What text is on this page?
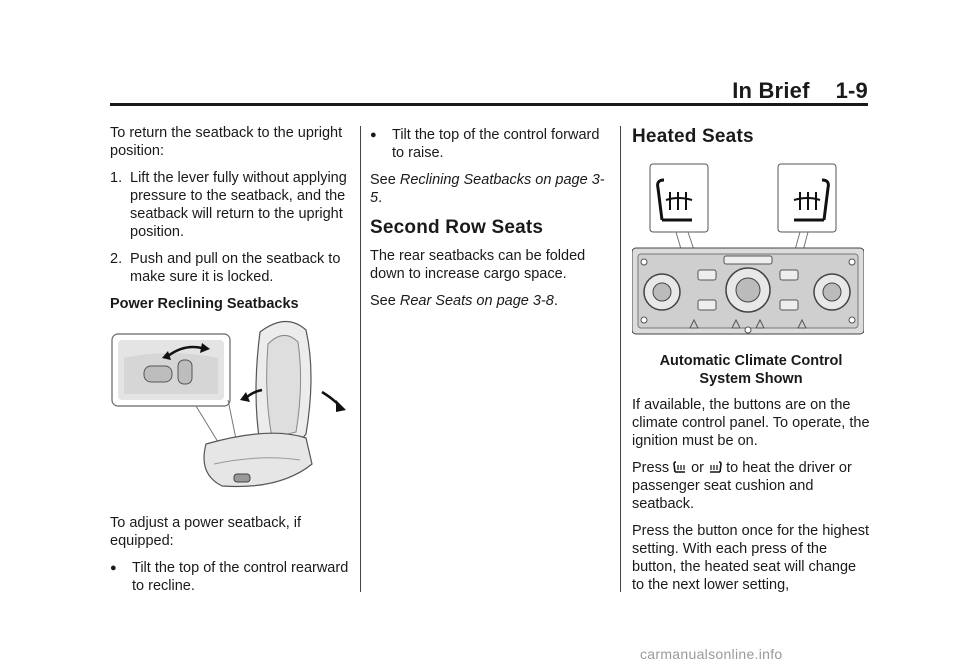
In Brief 1-9

To return the seatback to the upright position:

1. Lift the lever fully without applying pressure to the seatback, and the seatback will return to the upright position.
2. Push and pull on the seatback to make sure it is locked.

Power Reclining Seatbacks

To adjust a power seatback, if equipped:

●	Tilt the top of the control rearward to recline.
●	Tilt the top of the control forward to raise.

See Reclining Seatbacks on page 3-5.

Second Row Seats

The rear seatbacks can be folded down to increase cargo space.

See Rear Seats on page 3-8.

Heated Seats
Automatic Climate Control System Shown

If available, the buttons are on the climate control panel. To operate, the ignition must be on.

Press  or  to heat the driver or passenger seat cushion and seatback.

Press the button once for the highest setting. With each press of the button, the heated seat will change to the next lower setting,

carmanualsonline.info
